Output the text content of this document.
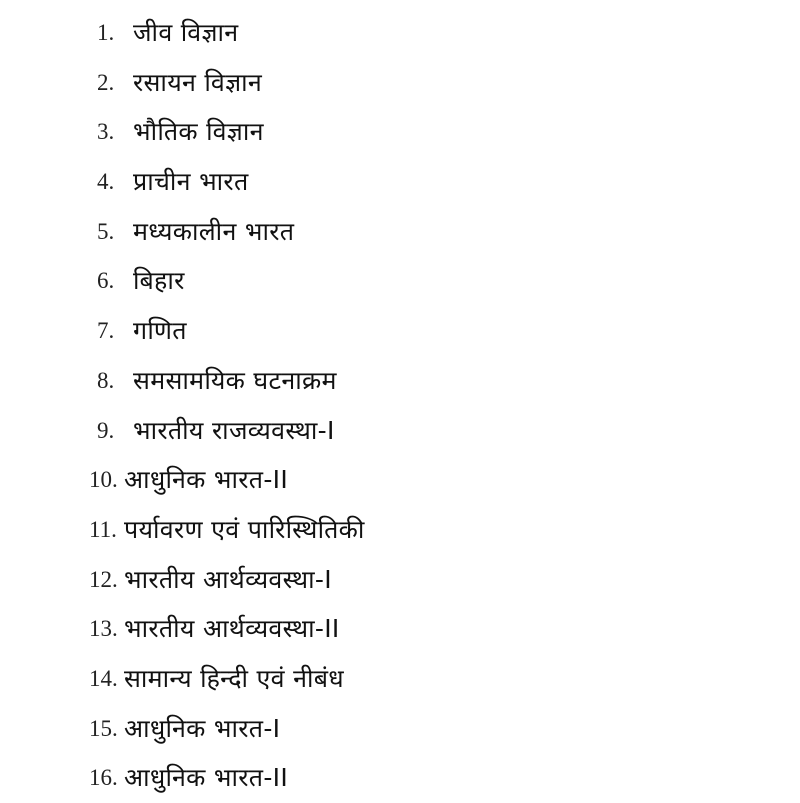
1. जीव विज्ञान
2. रसायन विज्ञान
3. भौतिक विज्ञान
4. प्राचीन भारत
5. मध्यकालीन भारत
6. बिहार
7. गणित
8. समसामयिक घटनाक्रम
9. भारतीय राजव्यवस्था-I
10. आधुनिक भारत-II
11. पर्यावरण एवं पारिस्थितिकी
12. भारतीय आर्थव्यवस्था-I
13. भारतीय आर्थव्यवस्था-II
14. सामान्य हिन्दी एवं नीबंध
15. आधुनिक भारत-I
16. आधुनिक भारत-II
